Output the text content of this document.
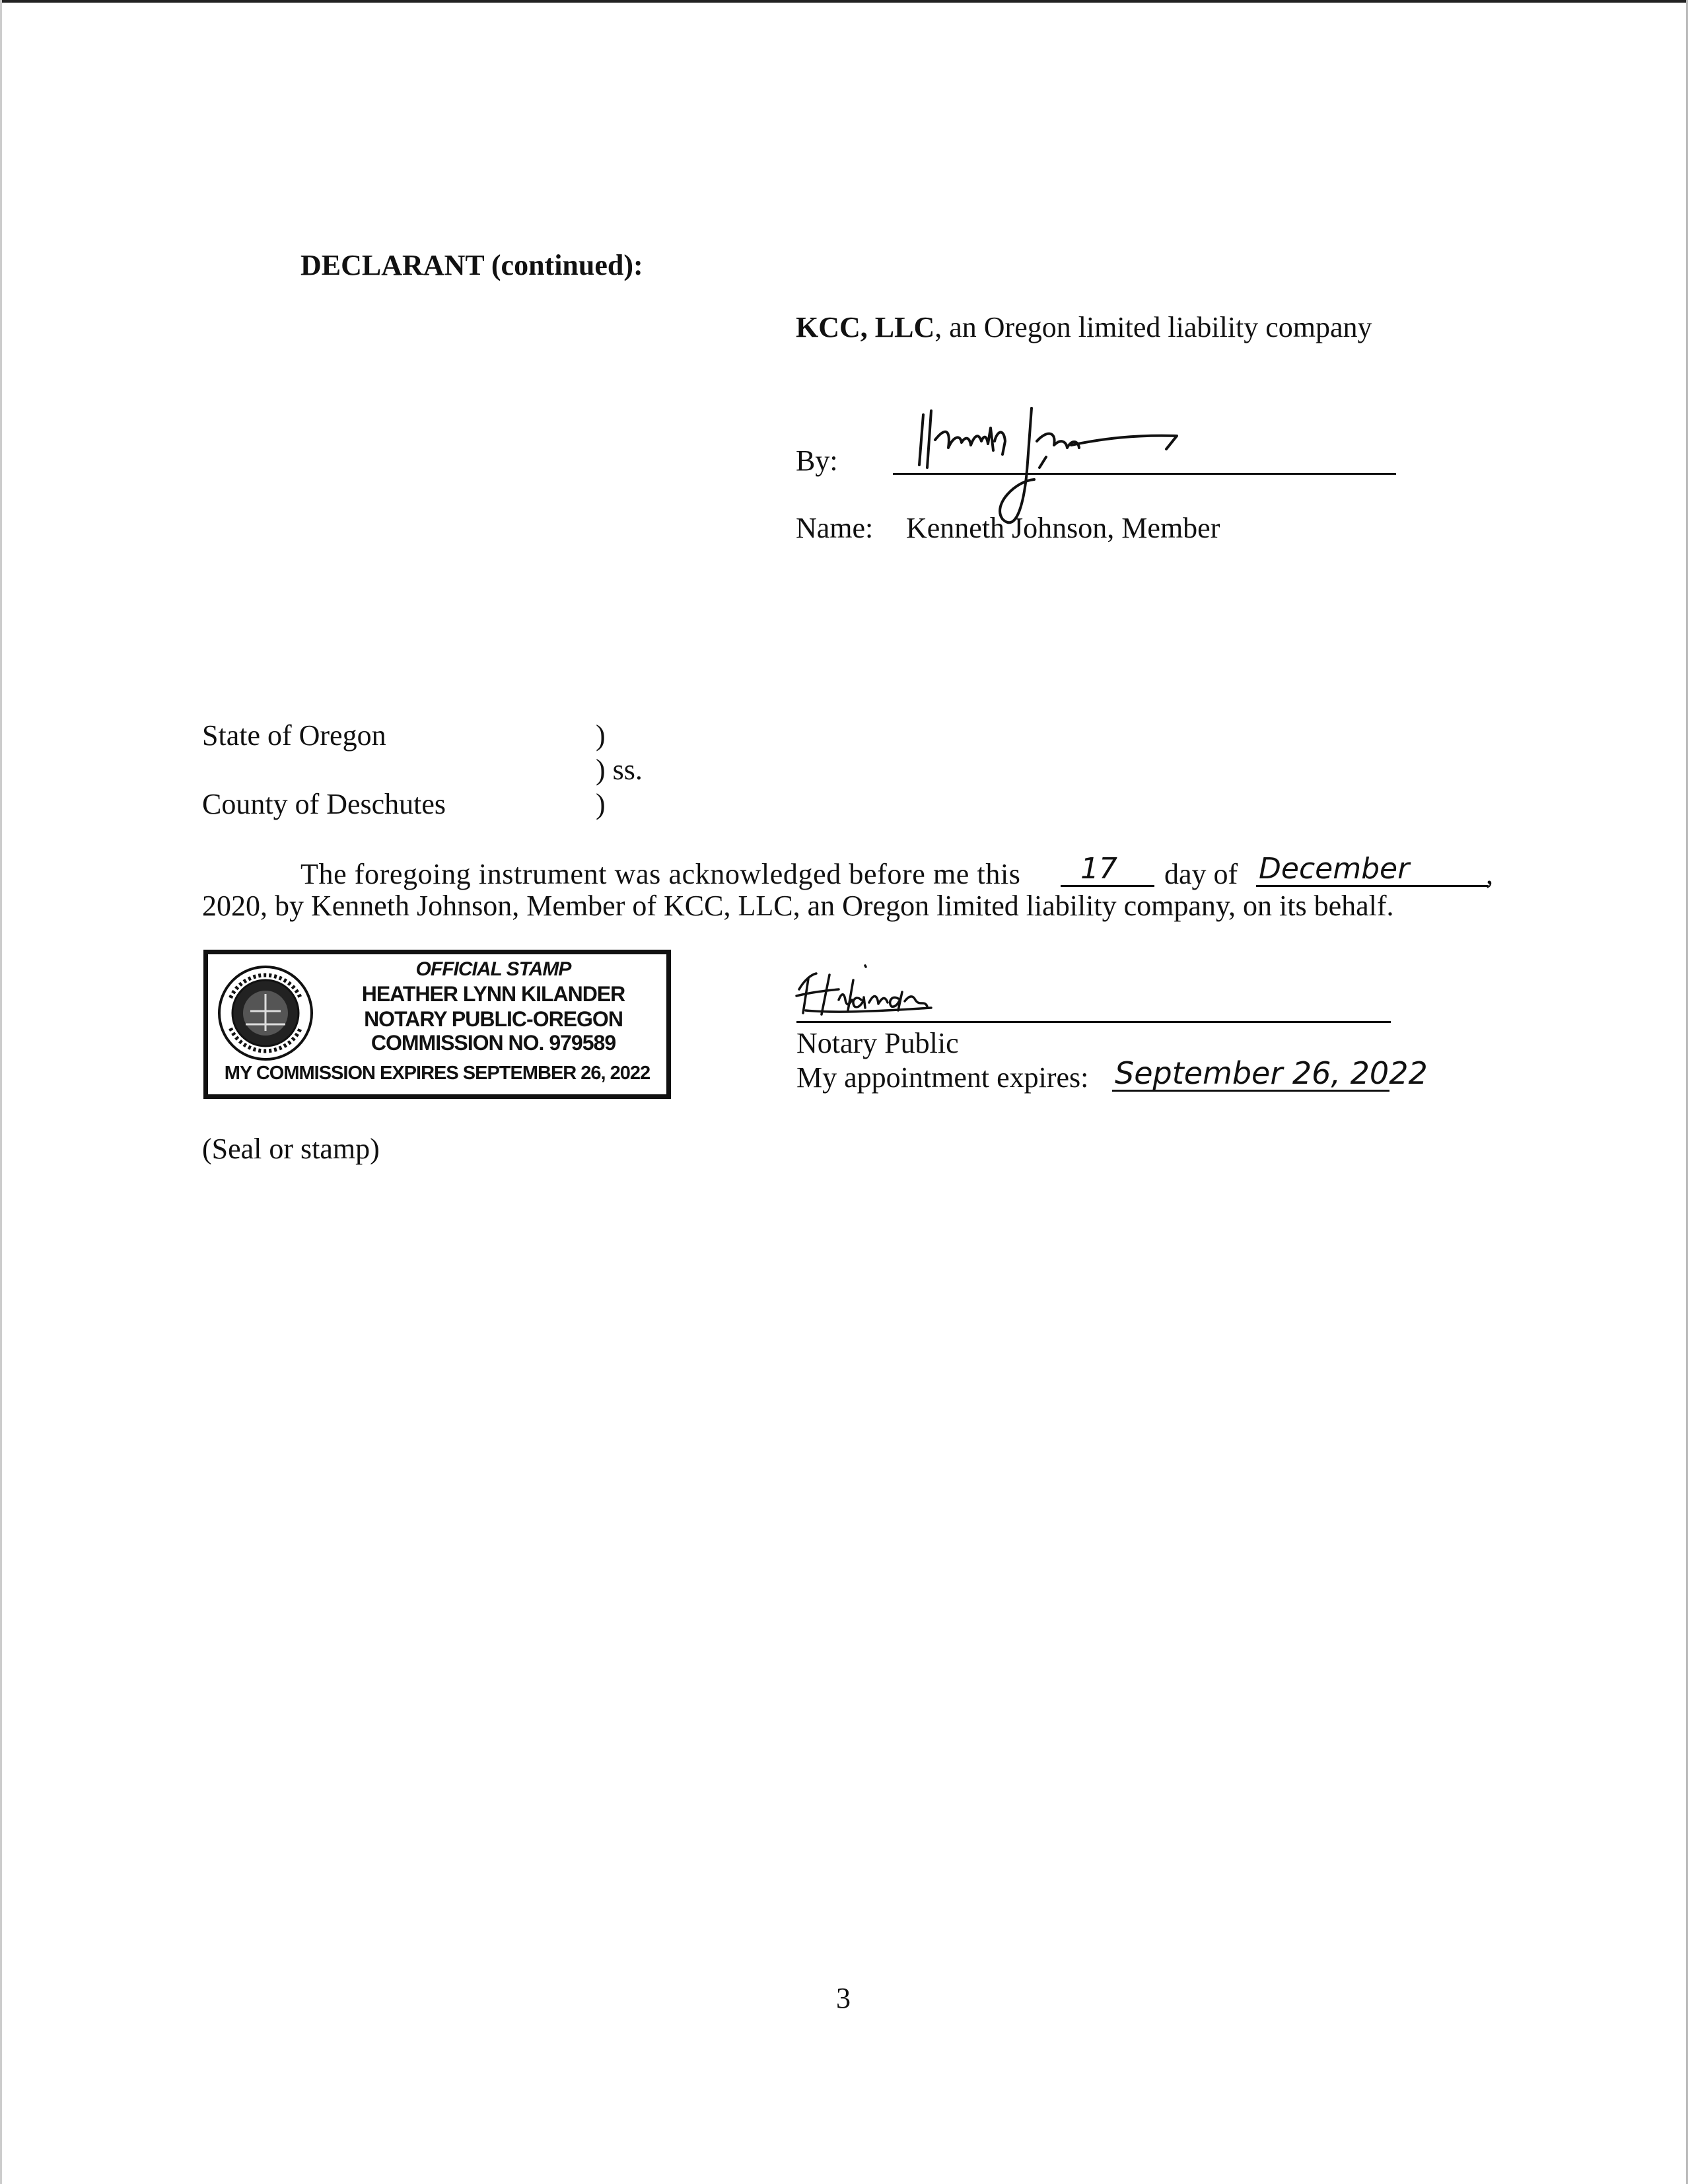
DECLARANT (continued):
KCC, LLC, an Oregon limited liability company
By:
Name: Kenneth Johnson, Member
State of Oregon	)
) ss.
County of Deschutes	)
The foregoing instrument was acknowledged before me this 17 day of December	,
2020, by Kenneth Johnson, Member of KCC, LLC, an Oregon limited liability company, on its behalf.
OFFICIAL STAMP
HEATHER LYNN KILANDER
NOTARY PUBLIC-OREGON
COMMISSION NO. 979589
MY COMMISSION EXPIRES SEPTEMBER 26, 2022
Notary Public
My appointment expires: September 26, 2022
(Seal or stamp)
3
